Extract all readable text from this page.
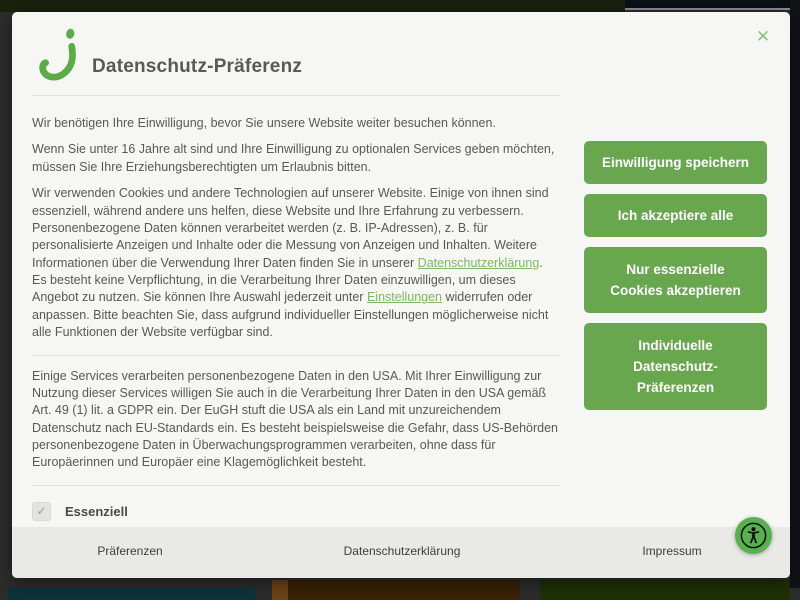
Datenschutz-Präferenz
✕

Wir benötigen Ihre Einwilligung, bevor Sie unsere Website weiter besuchen können.

Wenn Sie unter 16 Jahre alt sind und Ihre Einwilligung zu optionalen Services geben möchten, müssen Sie Ihre Erziehungsberechtigten um Erlaubnis bitten.

Wir verwenden Cookies und andere Technologien auf unserer Website. Einige von ihnen sind essenziell, während andere uns helfen, diese Website und Ihre Erfahrung zu verbessern. Personenbezogene Daten können verarbeitet werden (z. B. IP-Adressen), z. B. für personalisierte Anzeigen und Inhalte oder die Messung von Anzeigen und Inhalten. Weitere Informationen über die Verwendung Ihrer Daten finden Sie in unserer Datenschutzerklärung. Es besteht keine Verpflichtung, in die Verarbeitung Ihrer Daten einzuwilligen, um dieses Angebot zu nutzen. Sie können Ihre Auswahl jederzeit unter Einstellungen widerrufen oder anpassen. Bitte beachten Sie, dass aufgrund individueller Einstellungen möglicherweise nicht alle Funktionen der Website verfügbar sind.

Einige Services verarbeiten personenbezogene Daten in den USA. Mit Ihrer Einwilligung zur Nutzung dieser Services willigen Sie auch in die Verarbeitung Ihrer Daten in den USA gemäß Art. 49 (1) lit. a GDPR ein. Der EuGH stuft die USA als ein Land mit unzureichendem Datenschutz nach EU-Standards ein. Es besteht beispielsweise die Gefahr, dass US-Behörden personenbezogene Daten in Überwachungsprogrammen verarbeiten, ohne dass für Europäerinnen und Europäer eine Klagemöglichkeit besteht.

✓	Essenziell
Einwilligung speichern
Ich akzeptiere alle
Nur essenzielle Cookies akzeptieren
Individuelle Datenschutz-Präferenzen
Präferenzen	Datenschutzerklärung	Impressum
